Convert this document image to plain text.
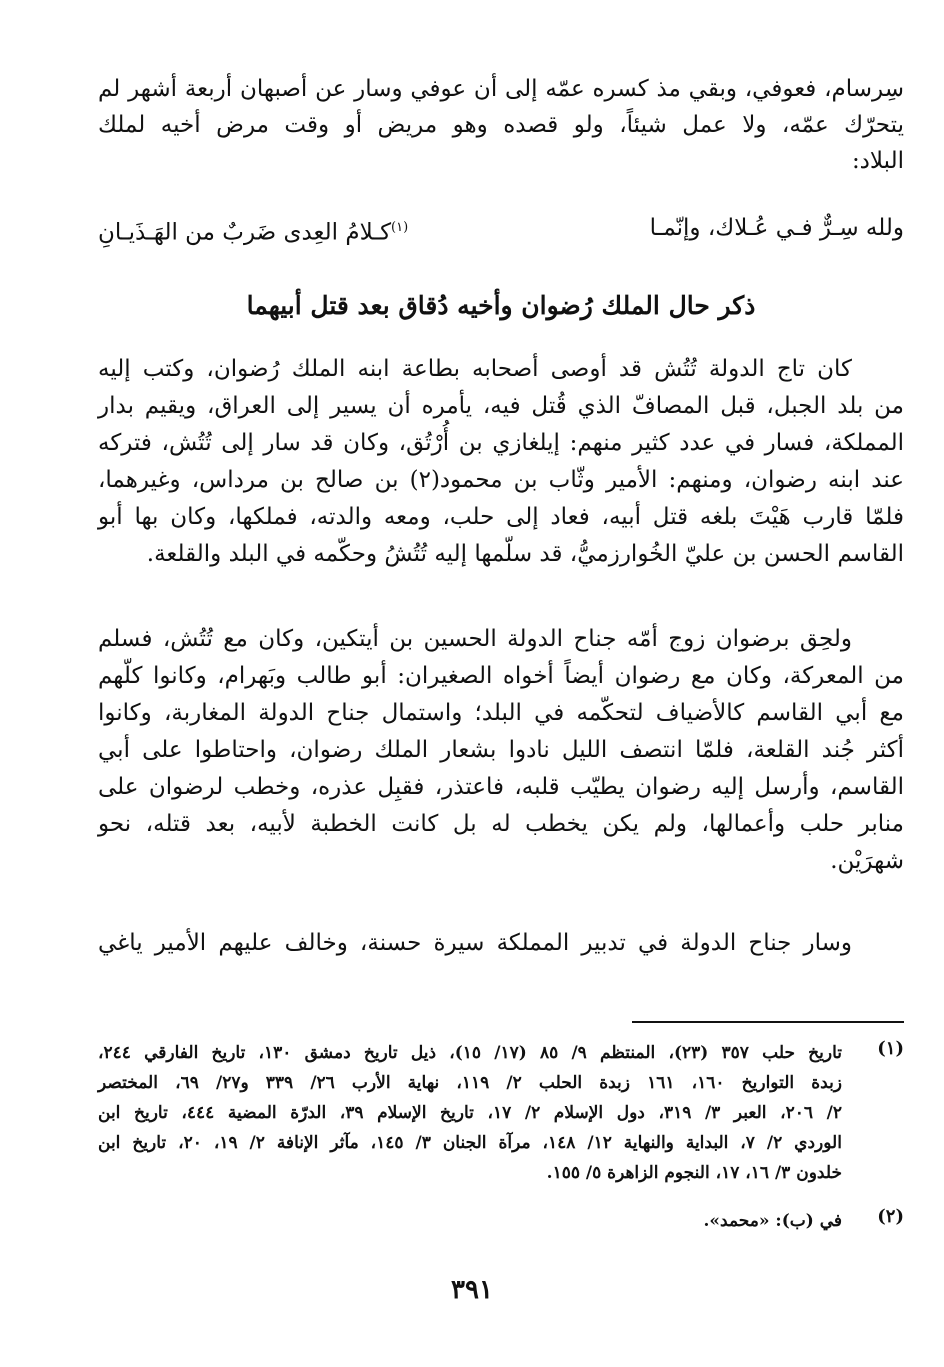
سِرسام، فعوفي، وبقي مذ كسره عمّه إلى أن عوفي وسار عن أصبهان أربعة أشهر لم
يتحرّك عمّه، ولا عمل شيئاً، ولو قصده وهو مريض أو وقت مرض أخيه لملك
البلاد:
ولله سِـرٌّ فـي عُـلاك، وإنّمـا
$^{(١)}$كـلامُ العِدى ضَربٌ من الهَـذَيـانِ
ذكر حال الملك رُضوان وأخيه دُقاق بعد قتل أبيهما
كان تاج الدولة تُتُش قد أوصى أصحابه بطاعة ابنه الملك رُضوان، وكتب إليه
من بلد الجبل، قبل المصافّ الذي قُتل فيه، يأمره أن يسير إلى العراق، ويقيم بدار
المملكة، فسار في عدد كثير منهم: إيلغازي بن أُرْتُق، وكان قد سار إلى تُتُش، فتركه
عند ابنه رضوان، ومنهم: الأمير وثّاب بن محمود(٢) بن صالح بن مرداس، وغيرهما،
فلمّا قارب هَيْتَ بلغه قتل أبيه، فعاد إلى حلب، ومعه والدته، فملكها، وكان بها أبو
القاسم الحسن بن عليّ الخُوارزميُّ، قد سلّمها إليه تُتُشُ وحكّمه في البلد والقلعة.
ولحِق برضوان زوج أمّه جناح الدولة الحسين بن أيتكين، وكان مع تُتُش، فسلم
من المعركة، وكان مع رضوان أيضاً أخواه الصغيران: أبو طالب وبَهرام، وكانوا كلّهم
مع أبي القاسم كالأضياف لتحكّمه في البلد؛ واستمال جناح الدولة المغاربة، وكانوا
أكثر جُند القلعة، فلمّا انتصف الليل نادوا بشعار الملك رضوان، واحتاطوا على أبي
القاسم، وأرسل إليه رضوان يطيّب قلبه، فاعتذر، فقبِل عذره، وخطب لرضوان على
منابر حلب وأعمالها، ولم يكن يخطب له بل كانت الخطبة لأبيه، بعد قتله، نحو
شهرَيْن.
وسار جناح الدولة في تدبير المملكة سيرة حسنة، وخالف عليهم الأمير ياغي
(١)
تاريخ حلب ٣٥٧ (٢٣)، المنتظم ٩/ ٨٥ (١٧/ ١٥)، ذيل تاريخ دمشق ١٣٠، تاريخ الفارقي ٢٤٤،
زبدة التواريخ ١٦٠، ١٦١ زبدة الحلب ٢/ ١١٩، نهاية الأرب ٢٦/ ٣٣٩ و٢٧/ ٦٩، المختصر
٢/ ٢٠٦، العبر ٣/ ٣١٩، دول الإسلام ٢/ ١٧، تاريخ الإسلام ٣٩، الدرّة المضية ٤٤٤، تاريخ ابن
الوردي ٢/ ٧، البداية والنهاية ١٢/ ١٤٨، مرآة الجنان ٣/ ١٤٥، مآثر الإنافة ٢/ ١٩، ٢٠، تاريخ ابن
خلدون ٣/ ١٦، ١٧، النجوم الزاهرة ٥/ ١٥٥.
(٢)
في (ب): «محمد».
٣٩١
